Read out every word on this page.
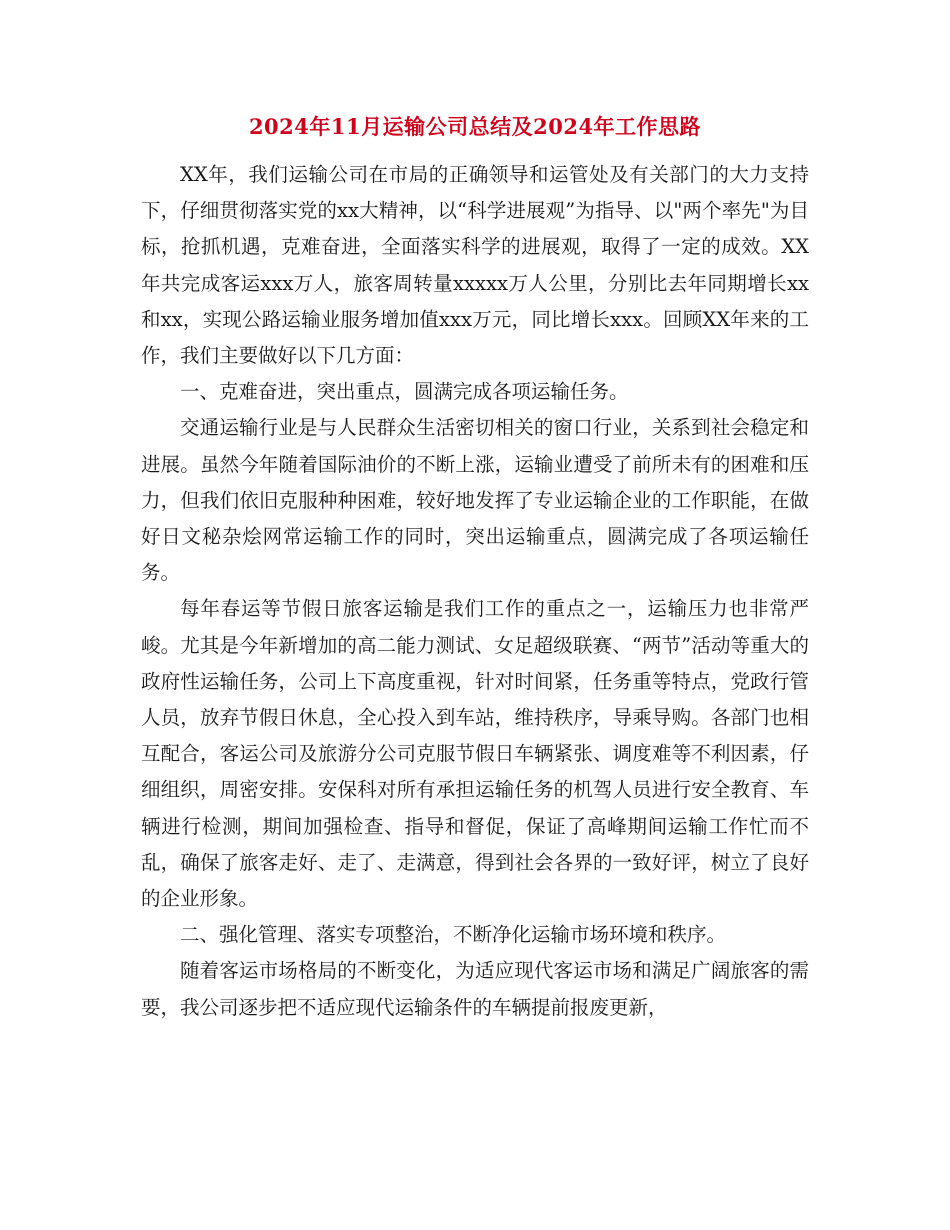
2024年11月运输公司总结及2024年工作思路

XX年，我们运输公司在市局的正确领导和运管处及有关部门的大力支持下，仔细贯彻落实党的xx大精神，以“科学进展观”为指导、以"两个率先"为目标，抢抓机遇，克难奋进，全面落实科学的进展观，取得了一定的成效。XX年共完成客运xxx万人，旅客周转量xxxxx万人公里，分别比去年同期增长xx和xx，实现公路运输业服务增加值xxx万元，同比增长xxx。回顾XX年来的工作，我们主要做好以下几方面：

一、克难奋进，突出重点，圆满完成各项运输任务。

交通运输行业是与人民群众生活密切相关的窗口行业，关系到社会稳定和进展。虽然今年随着国际油价的不断上涨，运输业遭受了前所未有的困难和压力，但我们依旧克服种种困难，较好地发挥了专业运输企业的工作职能，在做好日文秘杂烩网常运输工作的同时，突出运输重点，圆满完成了各项运输任务。

每年春运等节假日旅客运输是我们工作的重点之一，运输压力也非常严峻。尤其是今年新增加的高二能力测试、女足超级联赛、“两节”活动等重大的政府性运输任务，公司上下高度重视，针对时间紧，任务重等特点，党政行管人员，放弃节假日休息，全心投入到车站，维持秩序，导乘导购。各部门也相互配合，客运公司及旅游分公司克服节假日车辆紧张、调度难等不利因素，仔细组织，周密安排。安保科对所有承担运输任务的机驾人员进行安全教育、车辆进行检测，期间加强检查、指导和督促，保证了高峰期间运输工作忙而不乱，确保了旅客走好、走了、走满意，得到社会各界的一致好评，树立了良好的企业形象。

二、强化管理、落实专项整治，不断净化运输市场环境和秩序。

随着客运市场格局的不断变化，为适应现代客运市场和满足广阔旅客的需要，我公司逐步把不适应现代运输条件的车辆提前报废更新，
